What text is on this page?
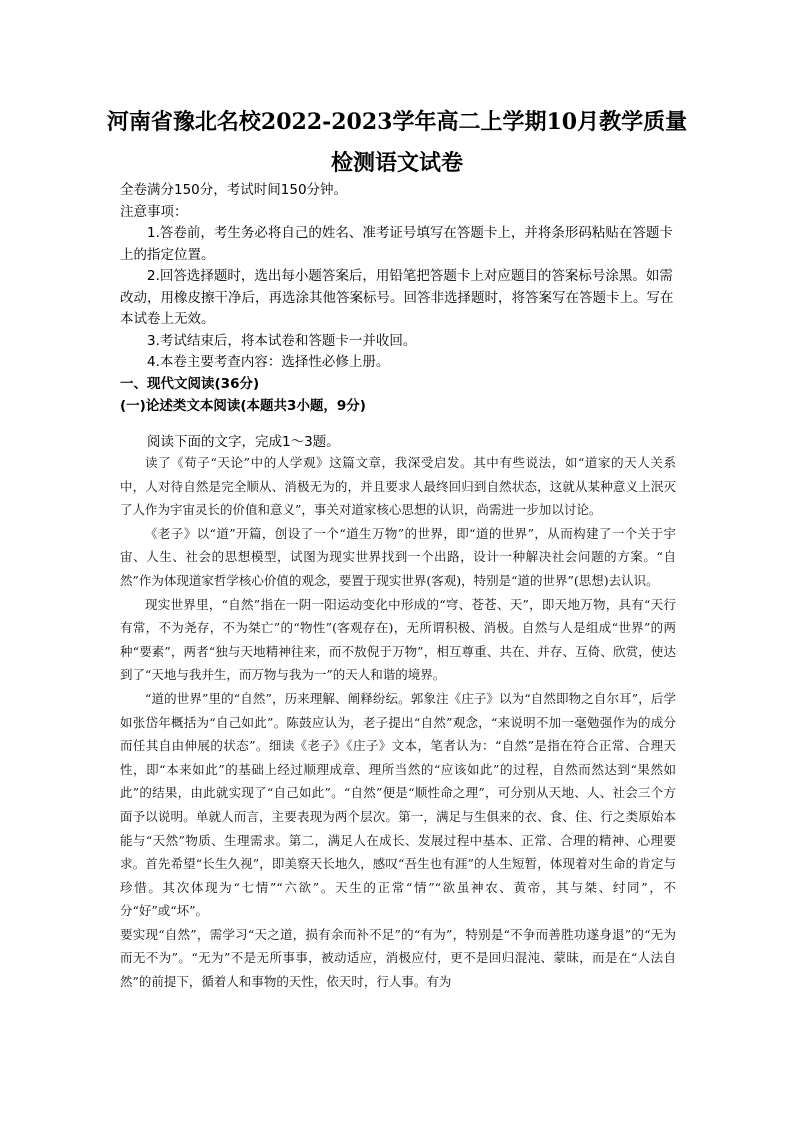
河南省豫北名校2022-2023学年高二上学期10月教学质量
检测语文试卷

全卷满分150分，考试时间150分钟。

注意事项：

1.答卷前，考生务必将自己的姓名、准考证号填写在答题卡上，并将条形码粘贴在答题卡上的指定位置。

2.回答选择题时，选出每小题答案后，用铅笔把答题卡上对应题目的答案标号涂黑。如需改动，用橡皮擦干净后，再选涂其他答案标号。回答非选择题时，将答案写在答题卡上。写在本试卷上无效。

3.考试结束后，将本试卷和答题卡一并收回。

4.本卷主要考查内容：选择性必修上册。

一、现代文阅读(36分)

(一)论述类文本阅读(本题共3小题，9分)

阅读下面的文字，完成1～3题。

读了《荀子“天论”中的人学观》这篇文章，我深受启发。其中有些说法，如“道家的天人关系中，人对待自然是完全顺从、消极无为的，并且要求人最终回归到自然状态，这就从某种意义上泯灭了人作为宇宙灵长的价值和意义”，事关对道家核心思想的认识，尚需进一步加以讨论。

《老子》以“道”开篇，创设了一个“道生万物”的世界，即“道的世界”，从而构建了一个关于宇宙、人生、社会的思想模型，试图为现实世界找到一个出路，设计一种解决社会问题的方案。“自然”作为体现道家哲学核心价值的观念，要置于现实世界(客观)，特别是“道的世界”(思想)去认识。

现实世界里，“自然”指在一阴一阳运动变化中形成的“穹、苍苍、天”，即天地万物，具有“天行有常，不为尧存，不为桀亡”的“物性”(客观存在)，无所谓积极、消极。自然与人是组成“世界”的两种“要素”，两者“独与天地精神往来，而不敖倪于万物”，相互尊重、共在、并存、互倚、欣赏，使达到了“天地与我并生，而万物与我为一”的天人和谐的境界。

“道的世界”里的“自然”，历来理解、阐释纷纭。郭象注《庄子》以为“自然即物之自尔耳”，后学如张岱年概括为“自己如此”。陈鼓应认为，老子提出“自然”观念，“来说明不加一毫勉强作为的成分而任其自由伸展的状态”。细读《老子》《庄子》文本，笔者认为：“自然”是指在符合正常、合理天性，即“本来如此”的基础上经过顺理成章、理所当然的“应该如此”的过程，自然而然达到“果然如此”的结果，由此就实现了“自己如此”。“自然”便是“顺性命之理”，可分别从天地、人、社会三个方面予以说明。单就人而言，主要表现为两个层次。第一，满足与生俱来的衣、食、住、行之类原始本能与“天然”物质、生理需求。第二，满足人在成长、发展过程中基本、正常、合理的精神、心理要求。首先希望“长生久视”，即美察天长地久，感叹“吾生也有涯”的人生短暂，体现着对生命的肯定与珍惜。其次体现为“七情”“六欲”。天生的正常“情”“欲虽神农、黄帝，其与桀、纣同”，不分“好”或“坏”。

要实现“自然”，需学习“天之道，损有余而补不足”的“有为”，特别是“不争而善胜功遂身退”的“无为而无不为”。“无为”不是无所事事，被动适应，消极应付，更不是回归混沌、蒙昧，而是在“人法自然”的前提下，循着人和事物的天性，依天时，行人事。有为
